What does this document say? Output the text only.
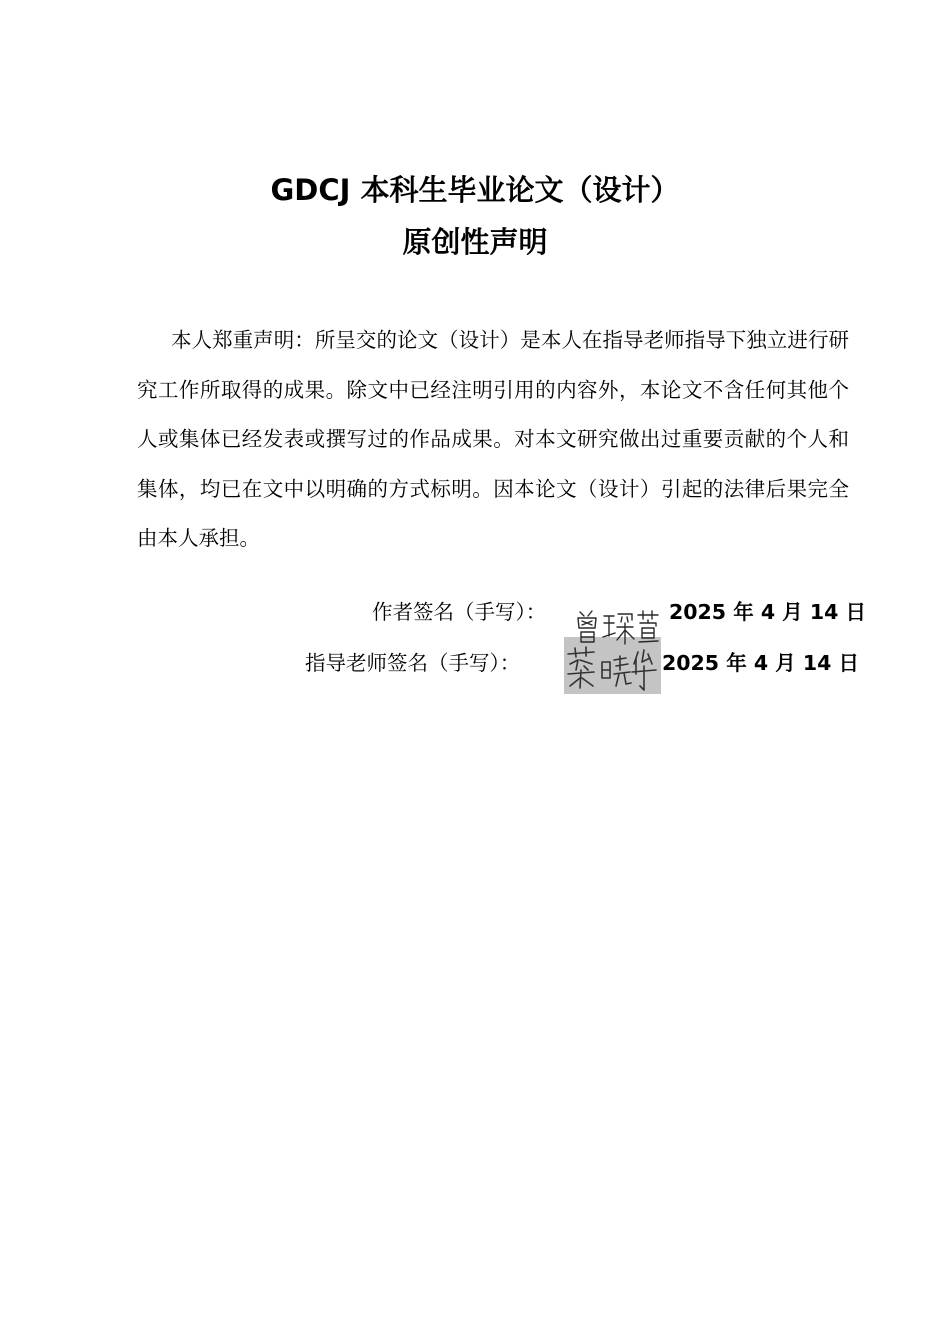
GDCJ 本科生毕业论文（设计）
原创性声明
本人郑重声明：所呈交的论文（设计）是本人在指导老师指导下独立进行研究工作所取得的成果。除文中已经注明引用的内容外，本论文不含任何其他个人或集体已经发表或撰写过的作品成果。对本文研究做出过重要贡献的个人和集体，均已在文中以明确的方式标明。因本论文（设计）引起的法律后果完全由本人承担。
作者签名（手写）：	2025 年 4 月 14 日
指导老师签名（手写）：	2025 年 4 月 14 日
